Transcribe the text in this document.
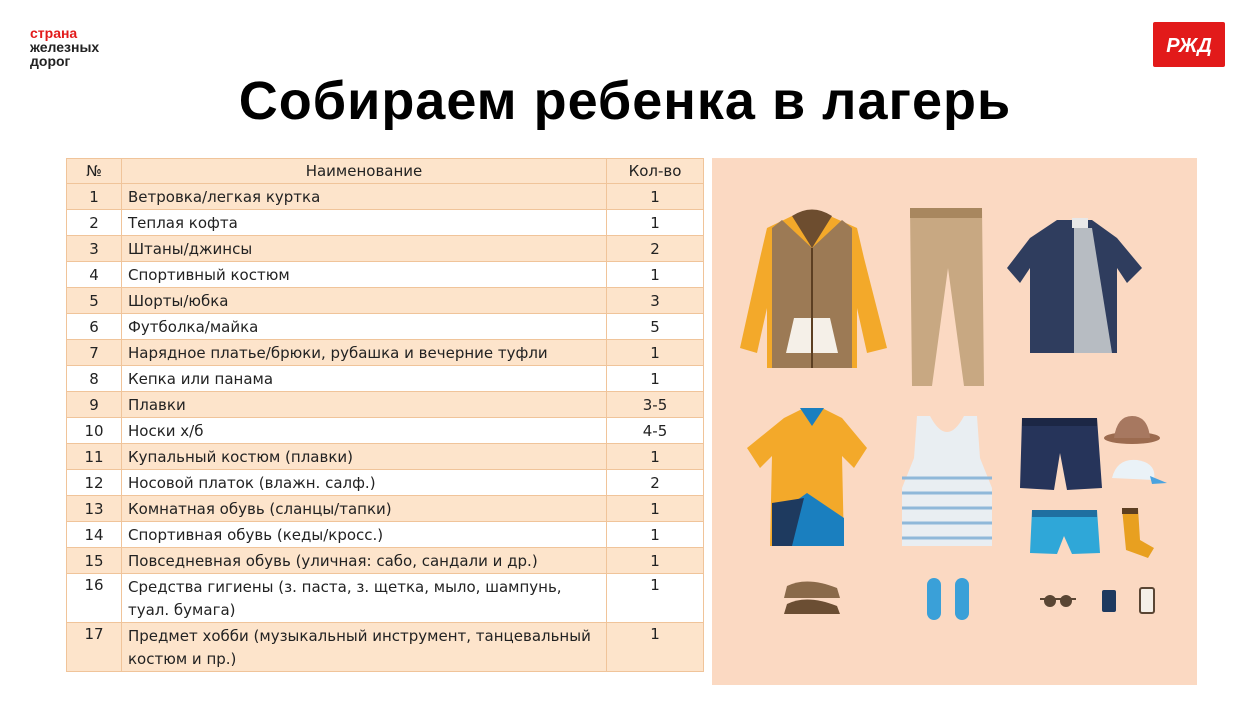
страна
железных
дорог
РЖД
Собираем ребенка в лагерь
№	Наименование	Кол-во
1	Ветровка/легкая куртка	1
2	Теплая кофта	1
3	Штаны/джинсы	2
4	Спортивный костюм	1
5	Шорты/юбка	3
6	Футболка/майка	5
7	Нарядное платье/брюки, рубашка и вечерние туфли	1
8	Кепка или панама	1
9	Плавки	3-5
10	Носки х/б	4-5
11	Купальный костюм (плавки)	1
12	Носовой платок (влажн. салф.)	2
13	Комнатная обувь (сланцы/тапки)	1
14	Спортивная обувь (кеды/кросс.)	1
15	Повседневная обувь (уличная: сабо, сандали и др.)	1
16	Средства гигиены (з. паста, з. щетка, мыло, шампунь, туал. бумага)	1
17	Предмет хобби (музыкальный инструмент, танцевальный костюм и пр.)	1
